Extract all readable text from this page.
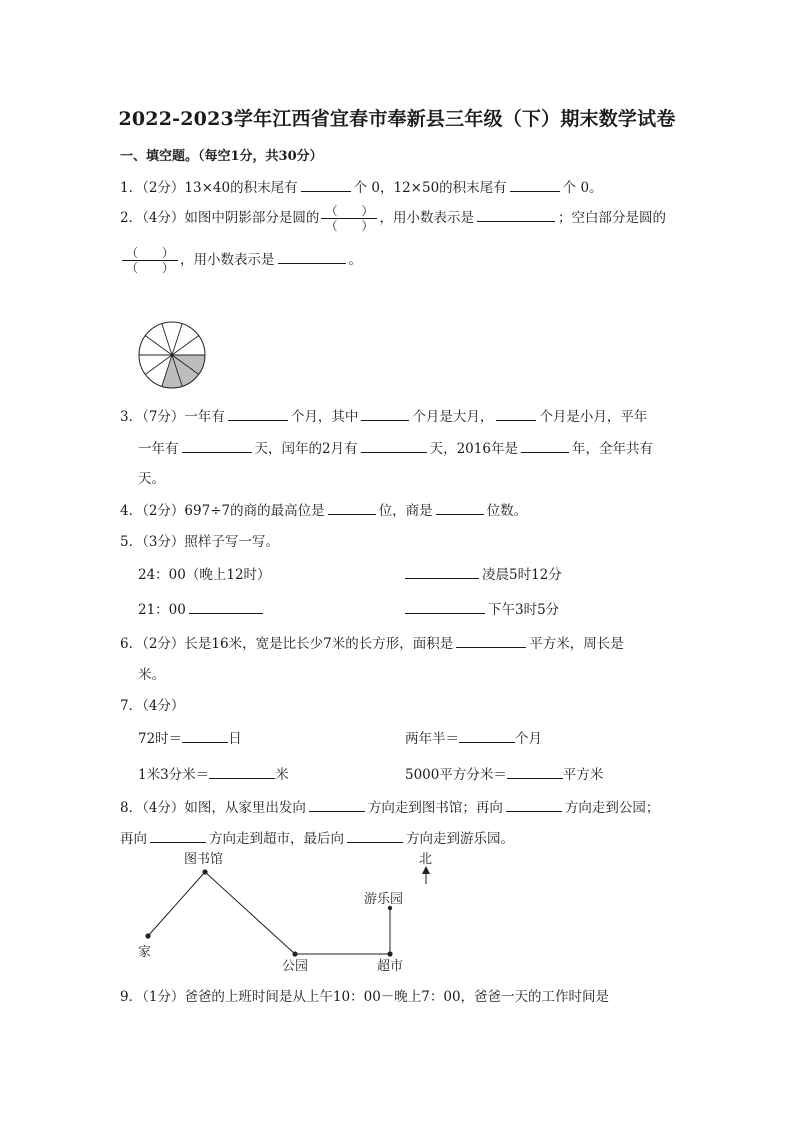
2022-2023学年江西省宜春市奉新县三年级（下）期末数学试卷
一、填空题。（每空1分，共30分）
1．（2分）13×40的积末尾有	个 0，12×50的积末尾有	个 0。
2．（4分）如图中阴影部分是圆的 $\frac{( )}{( )}$ ，用小数表示是	；空白部分是圆的
$\frac{( )}{( )}$ ，用小数表示是	。
3．（7分）一年有	个月，其中	个月是大月，	个月是小月，平年
一年有	天，闰年的2月有	天，2016年是	年，全年共有
天。
4．（2分）697÷7的商的最高位是	位，商是	位数。
5．（3分）照样子写一写。
24：00（晚上12时）	凌晨5时12分
21：00	下午3时5分
6．（2分）长是16米，宽是比长少7米的长方形，面积是	平方米，周长是
米。
7．（4分）
72时＝	日	两年半＝	个月
1米3分米＝	米	5000平方分米＝	平方米
8．（4分）如图，从家里出发向	方向走到图书馆；再向	方向走到公园；
再向	方向走到超市，最后向	方向走到游乐园。
图书馆
家
公园	超市
游乐园
北
9．（1分）爸爸的上班时间是从上午10：00－晚上7：00，爸爸一天的工作时间是
